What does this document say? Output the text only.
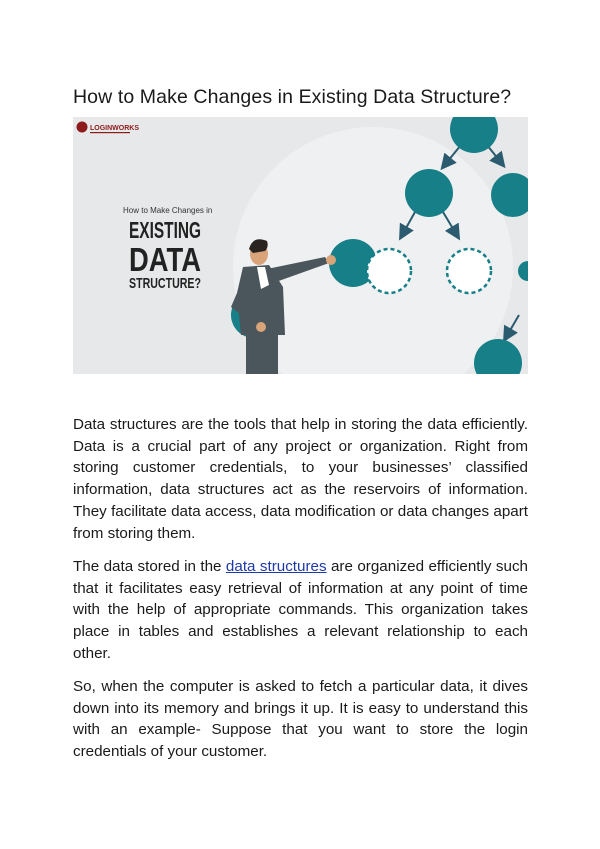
How to Make Changes in Existing Data Structure?
LOGINWORKS
How to Make Changes in
EXISTING
DATA
STRUCTURE?

Data structures are the tools that help in storing the data efficiently. Data is a crucial part of any project or organization. Right from storing customer credentials, to your businesses’ classified information, data structures act as the reservoirs of information. They facilitate data access, data modification or data changes apart from storing them.

The data stored in the data structures are organized efficiently such that it facilitates easy retrieval of information at any point of time with the help of appropriate commands. This organization takes place in tables and establishes a relevant relationship to each other.

So, when the computer is asked to fetch a particular data, it dives down into its memory and brings it up. It is easy to understand this with an example- Suppose that you want to store the login credentials of your customer.
